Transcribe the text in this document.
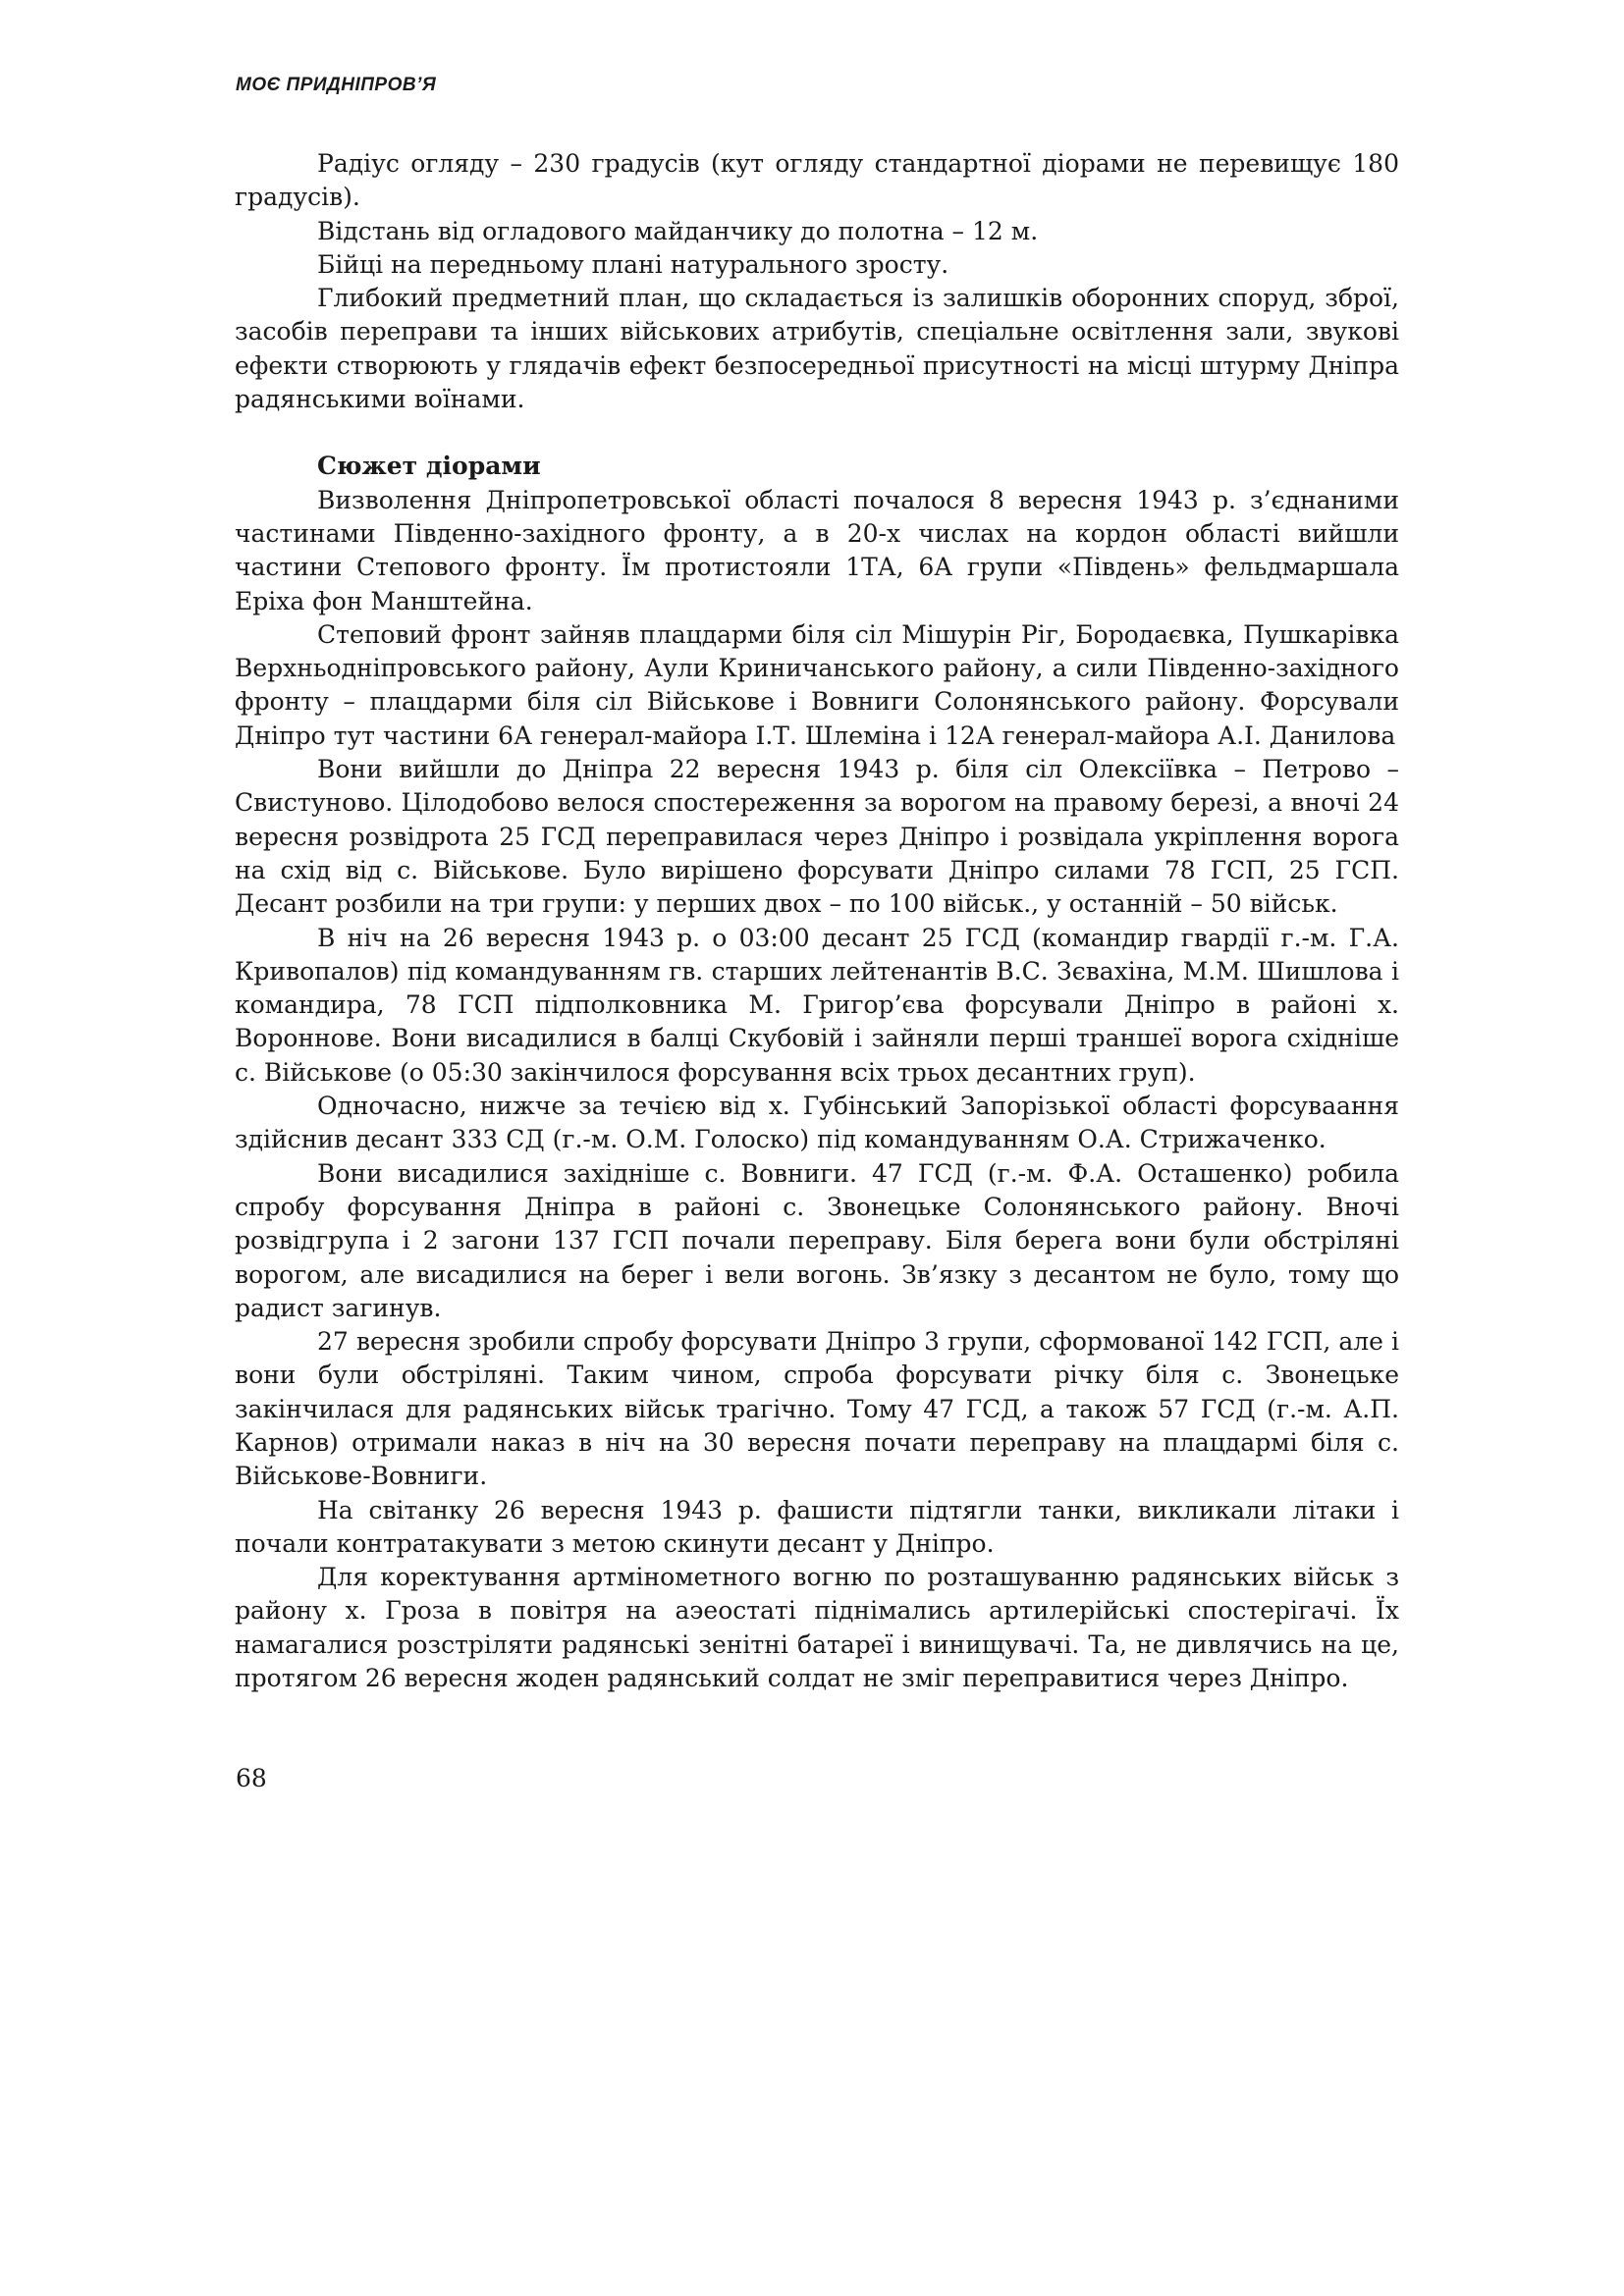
МОЄ ПРИДНІПРОВ’Я

Радіус огляду – 230 градусів (кут огляду стандартної діорами не перевищує 180 градусів).

Відстань від огладового майданчику до полотна – 12 м.

Бійці на передньому плані натурального зросту.

Глибокий предметний план, що складається із залишків оборонних споруд, зброї, засобів переправи та інших військових атрибутів, спеціальне освітлення зали, звукові ефекти створюють у глядачів ефект безпосередньої присутності на місці штурму Дніпра радянськими воїнами.

Сюжет діорами

Визволення Дніпропетровської області почалося 8 вересня 1943 р. з’єднаними частинами Південно-західного фронту, а в 20-х числах на кордон області вийшли частини Степового фронту. Їм протистояли 1ТА, 6А групи «Південь» фельдмаршала Еріха фон Манштейна.

Степовий фронт зайняв плацдарми біля сіл Мішурін Ріг, Бородаєвка, Пушкарівка Верхньодніпровського району, Аули Криничанського району, а сили Південно-західного фронту – плацдарми біля сіл Військове і Вовниги Солонянського району. Форсували Дніпро тут частини 6А генерал-майора І.Т. Шлеміна і 12А генерал-майора А.І. Данилова

Вони вийшли до Дніпра 22 вересня 1943 р. біля сіл Олексіївка – Петрово – Свистуново. Цілодобово велося спостереження за ворогом на правому березі, а вночі 24 вересня розвідрота 25 ГСД переправилася через Дніпро і розвідала укріплення ворога на схід від с. Військове. Було вирішено форсувати Дніпро силами 78 ГСП, 25 ГСП. Десант розбили на три групи: у перших двох – по 100 військ., у останній – 50 військ.

В ніч на 26 вересня 1943 р. о 03:00 десант 25 ГСД (командир гвардії г.-м. Г.А. Кривопалов) під командуванням гв. старших лейтенантів В.С. Зєвахіна, М.М. Шишлова і командира, 78 ГСП підполковника М. Григор’єва форсували Дніпро в районі х. Вороннове. Вони висадилися в балці Скубовій і зайняли перші траншеї ворога східніше с. Військове (о 05:30 закінчилося форсування всіх трьох десантних груп).

Одночасно, нижче за течією від х. Губінський Запорізької області форсуваання здійснив десант 333 СД (г.-м. О.М. Голоско) під командуванням О.А. Стрижаченко.

Вони висадилися західніше с. Вовниги. 47 ГСД (г.-м. Ф.А. Осташенко) робила спробу форсування Дніпра в районі с. Звонецьке Солонянського району. Вночі розвідгрупа і 2 загони 137 ГСП почали переправу. Біля берега вони були обстріляні ворогом, але висадилися на берег і вели вогонь. Зв’язку з десантом не було, тому що радист загинув.

27 вересня зробили спробу форсувати Дніпро 3 групи, сформованої 142 ГСП, але і вони були обстріляні. Таким чином, спроба форсувати річку біля с. Звонецьке закінчилася для радянських військ трагічно. Тому 47 ГСД, а також 57 ГСД (г.-м. А.П. Карнов) отримали наказ в ніч на 30 вересня почати переправу на плацдармі біля с. Військове-Вовниги.

На світанку 26 вересня 1943 р. фашисти підтягли танки, викликали літаки і почали контратакувати з метою скинути десант у Дніпро.

Для коректування артмінометного вогню по розташуванню радянських військ з району х. Гроза в повітря на аэеостаті піднімались артилерійські спостерігачі. Їх намагалися розстріляти радянські зенітні батареї і винищувачі. Та, не дивлячись на це, протягом 26 вересня жоден радянський солдат не зміг переправитися через Дніпро.

68
